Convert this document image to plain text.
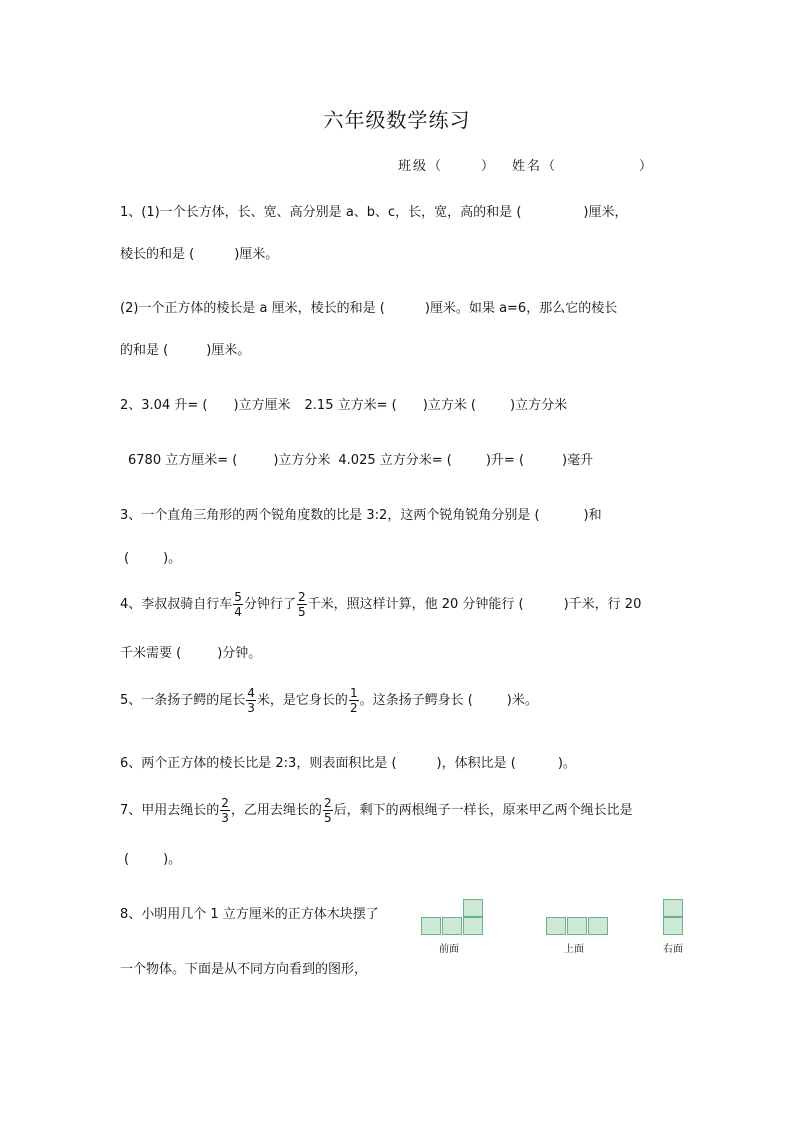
六年级数学练习
班级（	） 姓名（	）
1、(1)一个长方体，长、宽、高分别是 a、b、c，长，宽，高的和是 (	)厘米，
棱长的和是 (	)厘米。
(2)一个正方体的棱长是 a 厘米，棱长的和是 (	)厘米。如果 a=6，那么它的棱长
的和是 (	)厘米。
2、3.04 升= ( )立方厘米 2.15 立方米= ( )立方米 (	)立方分米
6780 立方厘米= (	)立方分米 4.025 立方分米= (	)升= (	)毫升
3、一个直角三角形的两个锐角度数的比是 3:2，这两个锐角锐角分别是 (	)和
(	)。
4、李叔叔骑自行车 $\frac{5}{4}$ 分钟行了 $\frac{2}{5}$ 千米，照这样计算，他 20 分钟能行 (	)千米，行 20
千米需要 (	)分钟。
5、一条扬子鳄的尾长 $\frac{4}{3}$ 米，是它身长的 $\frac{1}{2}$ 。这条扬子鳄身长 (	)米。
6、两个正方体的棱长比是 2:3，则表面积比是 (	)，体积比是 (	)。
7、甲用去绳长的 $\frac{2}{3}$ ，乙用去绳长的 $\frac{2}{5}$ 后，剩下的两根绳子一样长，原来甲乙两个绳长比是
(	)。
8、小明用几个 1 立方厘米的正方体木块摆了
一个物体。下面是从不同方向看到的图形，
前面	上面	右面
